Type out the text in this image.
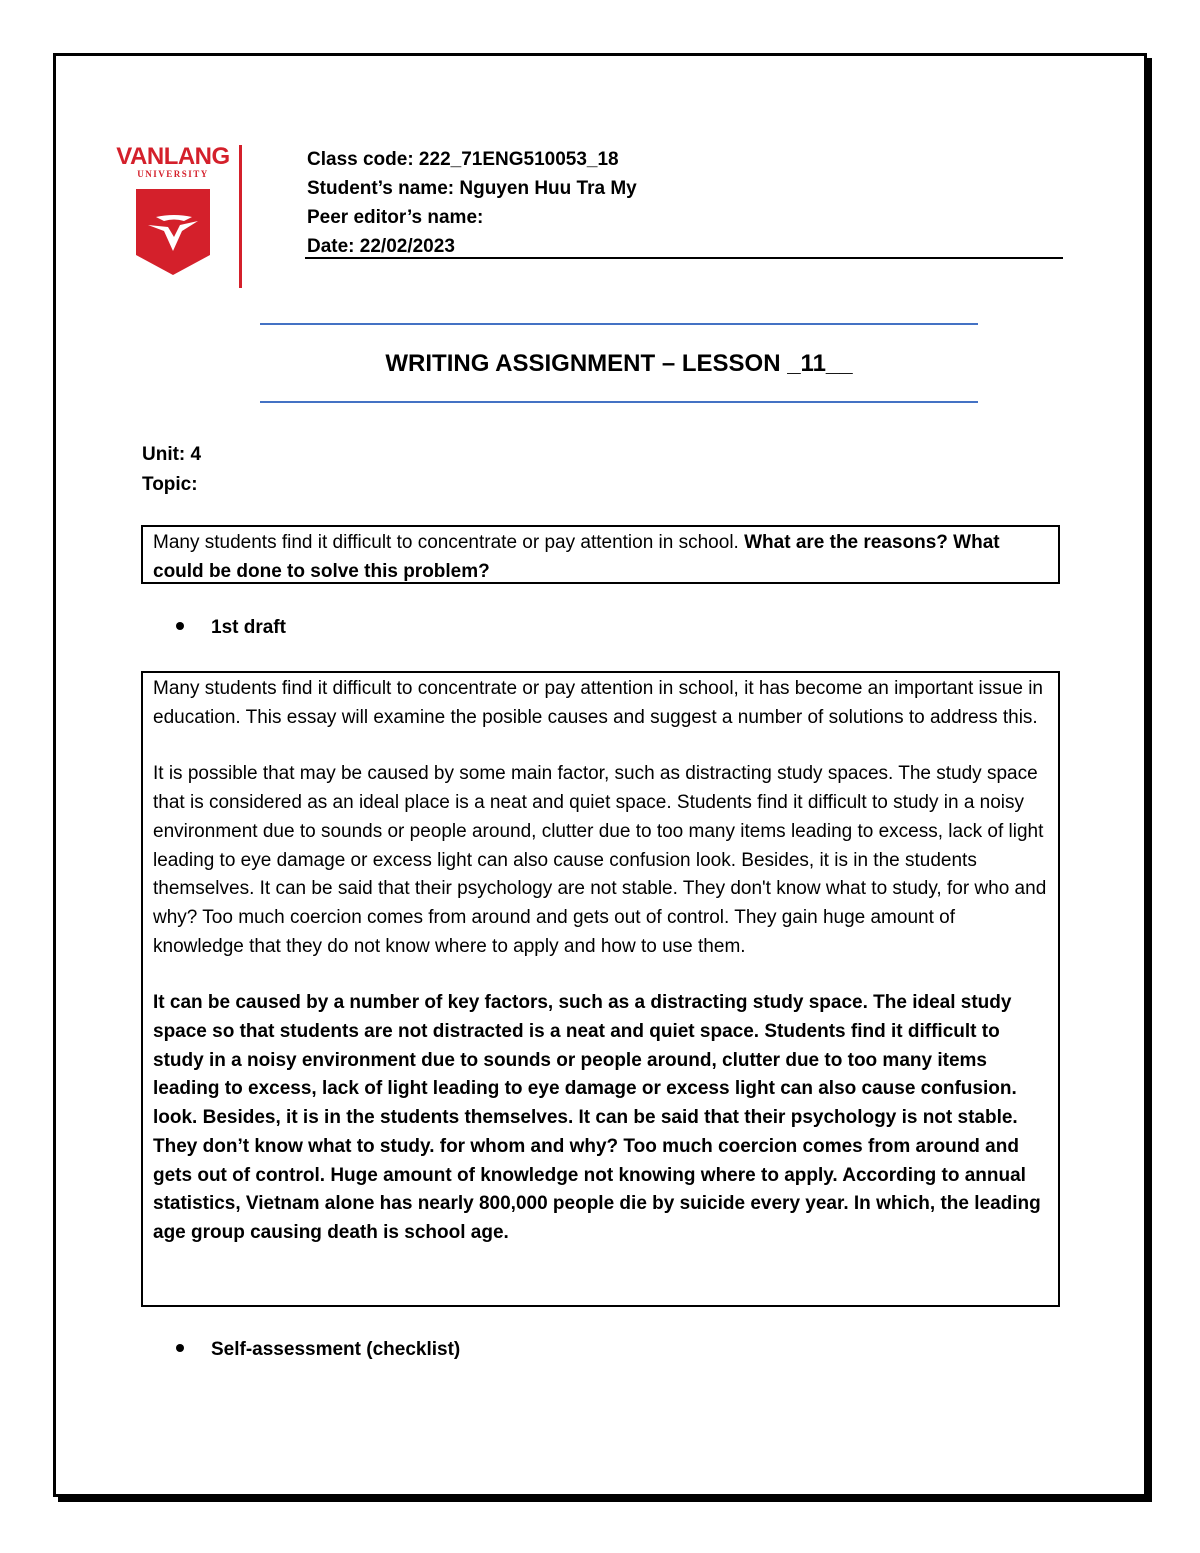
VANLANG
UNIVERSITY
Class code: 222_71ENG510053_18
Student’s name: Nguyen Huu Tra My
Peer editor’s name:
Date: 22/02/2023
WRITING ASSIGNMENT – LESSON _11__
Unit: 4
Topic:
Many students find it difficult to concentrate or pay attention in school. What are the reasons? What could be done to solve this problem?
1st draft

Many students find it difficult to concentrate or pay attention in school, it has become an important issue in education. This essay will examine the posible causes and suggest a number of solutions to address this.

It is possible that may be caused by some main factor, such as distracting study spaces. The study space that is considered as an ideal place is a neat and quiet space. Students find it difficult to study in a noisy environment due to sounds or people around, clutter due to too many items leading to excess, lack of light leading to eye damage or excess light can also cause confusion look. Besides, it is in the students themselves. It can be said that their psychology are not stable. They don't know what to study, for who and why? Too much coercion comes from around and gets out of control. They gain huge amount of knowledge that they do not know where to apply and how to use them.

It can be caused by a number of key factors, such as a distracting study space. The ideal study space so that students are not distracted is a neat and quiet space. Students find it difficult to study in a noisy environment due to sounds or people around, clutter due to too many items leading to excess, lack of light leading to eye damage or excess light can also cause confusion. look. Besides, it is in the students themselves. It can be said that their psychology is not stable. They don’t know what to study. for whom and why? Too much coercion comes from around and gets out of control. Huge amount of knowledge not knowing where to apply. According to annual statistics, Vietnam alone has nearly 800,000 people die by suicide every year. In which, the leading age group causing death is school age.

Self-assessment (checklist)
